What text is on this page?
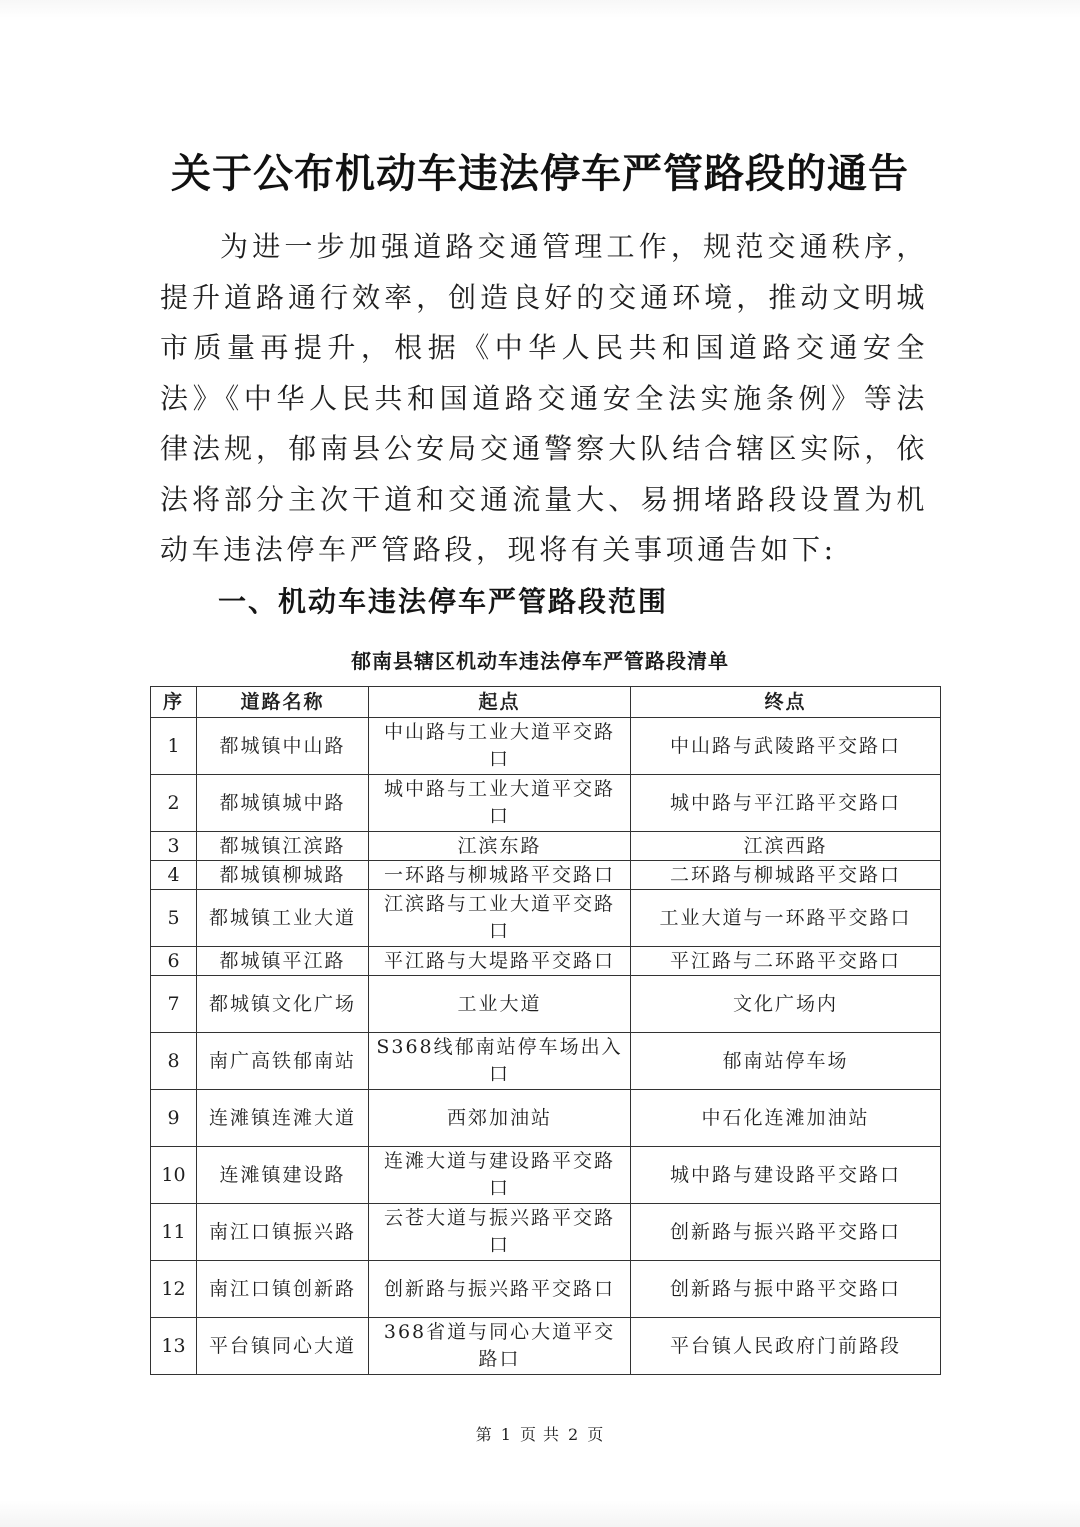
关于公布机动车违法停车严管路段的通告
为进一步加强道路交通管理工作，规范交通秩序，提升道路通行效率，创造良好的交通环境，推动文明城市质量再提升，根据《中华人民共和国道路交通安全法》《中华人民共和国道路交通安全法实施条例》等法律法规，郁南县公安局交通警察大队结合辖区实际，依法将部分主次干道和交通流量大、易拥堵路段设置为机动车违法停车严管路段，现将有关事项通告如下:
一、机动车违法停车严管路段范围
郁南县辖区机动车违法停车严管路段清单
序	道路名称	起点	终点
1	都城镇中山路	中山路与工业大道平交路口	中山路与武陵路平交路口
2	都城镇城中路	城中路与工业大道平交路口	城中路与平江路平交路口
3	都城镇江滨路	江滨东路	江滨西路
4	都城镇柳城路	一环路与柳城路平交路口	二环路与柳城路平交路口
5	都城镇工业大道	江滨路与工业大道平交路口	工业大道与一环路平交路口
6	都城镇平江路	平江路与大堤路平交路口	平江路与二环路平交路口
7	都城镇文化广场	工业大道	文化广场内
8	南广高铁郁南站	S368线郁南站停车场出入口	郁南站停车场
9	连滩镇连滩大道	西郊加油站	中石化连滩加油站
10	连滩镇建设路	连滩大道与建设路平交路口	城中路与建设路平交路口
11	南江口镇振兴路	云苍大道与振兴路平交路口	创新路与振兴路平交路口
12	南江口镇创新路	创新路与振兴路平交路口	创新路与振中路平交路口
13	平台镇同心大道	368省道与同心大道平交路口	平台镇人民政府门前路段
第 1 页 共 2 页
